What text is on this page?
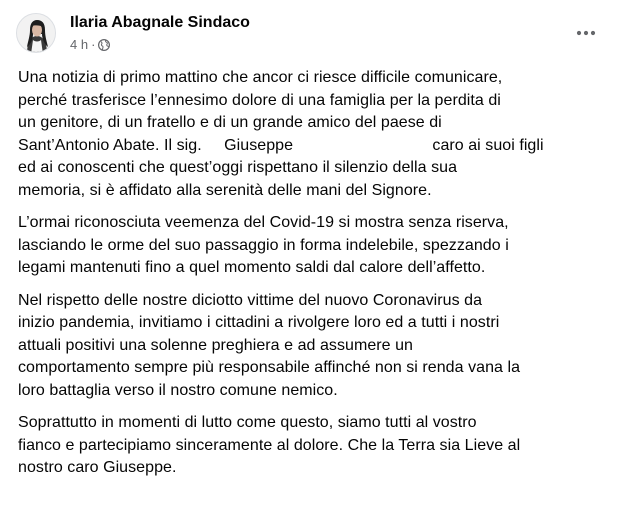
Ilaria Abagnale Sindaco
4 h ·

Una notizia di primo mattino che ancor ci riesce difficile comunicare,
perché trasferisce l’ennesimo dolore di una famiglia per la perdita di
un genitore, di un fratello e di un grande amico del paese di
Sant’Antonio Abate. Il sig.     Giuseppe                               caro ai suoi figli
ed ai conoscenti che quest’oggi rispettano il silenzio della sua
memoria, si è affidato alla serenità delle mani del Signore.

L’ormai riconosciuta veemenza del Covid-19 si mostra senza riserva,
lasciando le orme del suo passaggio in forma indelebile, spezzando i
legami mantenuti fino a quel momento saldi dal calore dell’affetto.

Nel rispetto delle nostre diciotto vittime del nuovo Coronavirus da
inizio pandemia, invitiamo i cittadini a rivolgere loro ed a tutti i nostri
attuali positivi una solenne preghiera e ad assumere un
comportamento sempre più responsabile affinché non si renda vana la
loro battaglia verso il nostro comune nemico.

Soprattutto in momenti di lutto come questo, siamo tutti al vostro
fianco e partecipiamo sinceramente al dolore. Che la Terra sia Lieve al
nostro caro Giuseppe.
